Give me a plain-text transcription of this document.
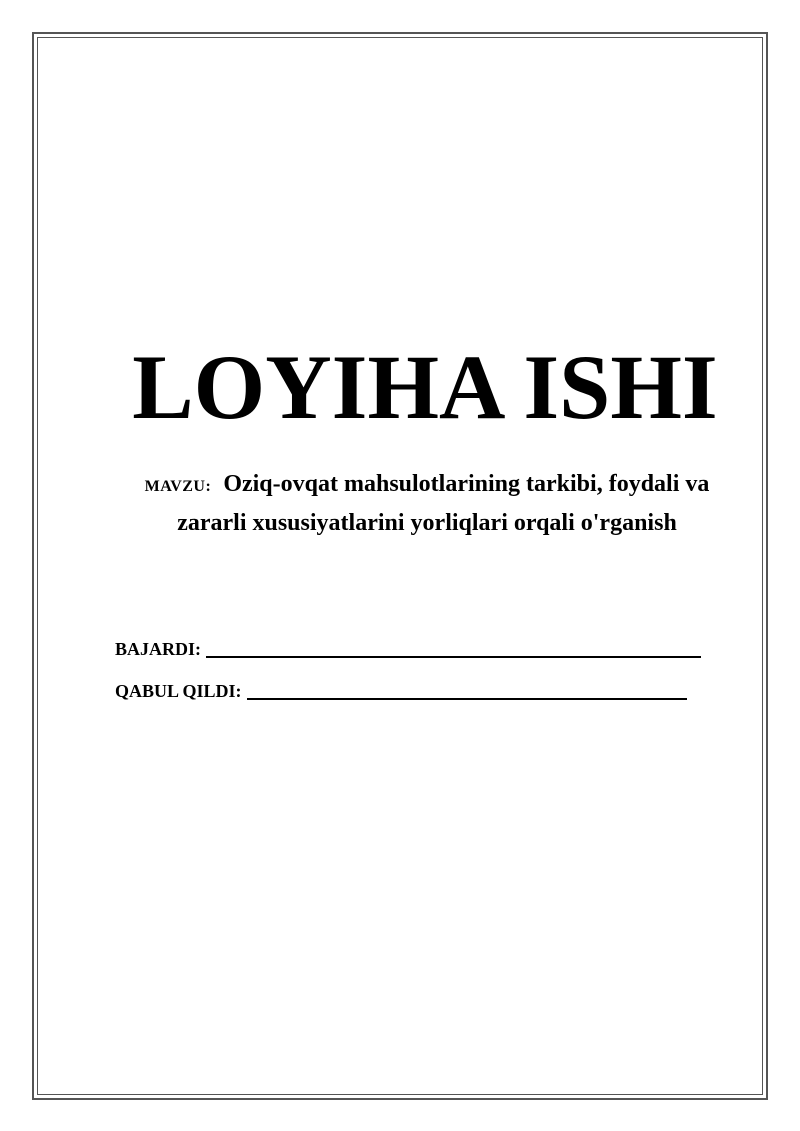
LOYIHA ISHI
MAVZU: Oziq-ovqat mahsulotlarining tarkibi, foydali va zararli xususiyatlarini yorliqlari orqali o'rganish
BAJARDI:
QABUL QILDI:
